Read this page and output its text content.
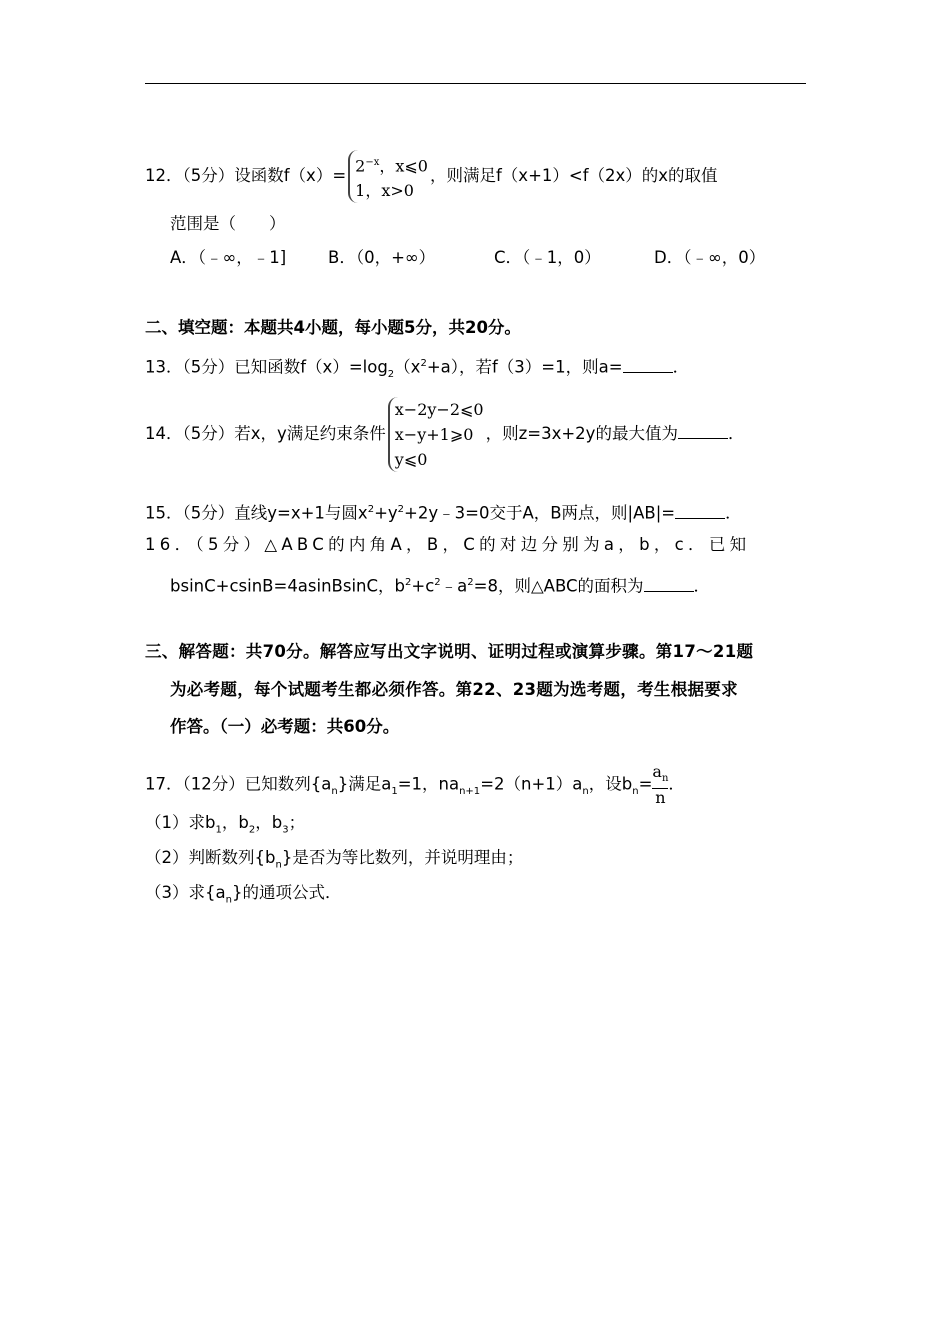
12．（5分）设函数f（x）=
$2^{-x}$，x⩽0
1，x>0
，则满足f（x+1）<f（2x）的x的取值
范围是（　　）
A．（﹣∞，﹣1]	B．（0，+∞）	C．（﹣1，0）	D．（﹣∞，0）
二、填空题：本题共4小题，每小题5分，共20分。
13．（5分）已知函数$f(x)=\log_2(x^2+a)$，若f（3）=1，则a=	．
14．（5分）若x，y满足约束条件
x−2y−2⩽0
x−y+1⩾0
y⩽0
，则z=3x+2y的最大值为	．
15．（5分）直线y=x+1与圆$x^2+y^2+2y﹣3=0$交于A，B两点，则|AB|=	．
16．（5分）△ABC的内角A，B，C的对边分别为a，b，c．已知
bsinC+csinB=4asinBsinC，$b^2+c^2﹣a^2=8$，则△ABC的面积为	．
三、解答题：共70分。解答应写出文字说明、证明过程或演算步骤。第17～21题
为必考题，每个试题考生都必须作答。第22、23题为选考题，考生根据要求
作答。（一）必考题：共60分。
17．（12分）已知数列$\{a_n\}$满足$a_1=1$，$na_{n+1}=2(n+1)a_n$，设$b_n= \frac{a_n}{n}$ ．
（1）求$b_1$，$b_2$，$b_3$；
（2）判断数列$\{b_n\}$是否为等比数列，并说明理由；
（3）求$\{a_n\}$的通项公式．
